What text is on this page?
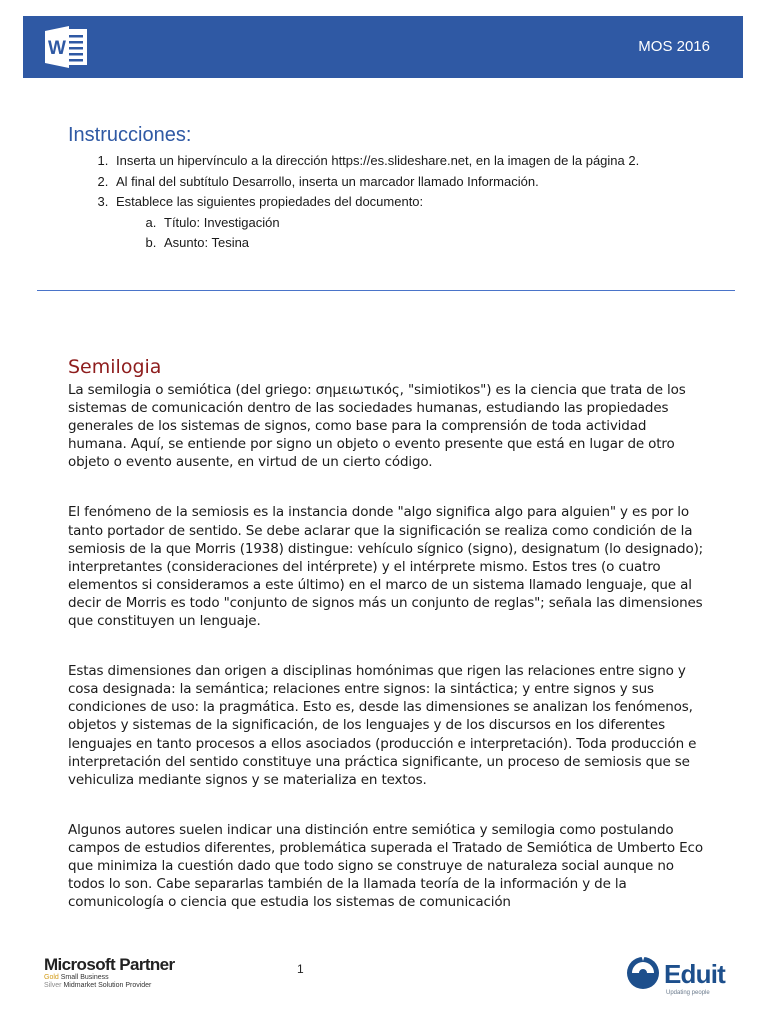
W	MOS 2016
Instrucciones:
1. Inserta un hipervínculo a la dirección https://es.slideshare.net, en la imagen de la página 2.
2. Al final del subtítulo Desarrollo, inserta un marcador llamado Información.
3. Establece las siguientes propiedades del documento:
a. Título: Investigación
b. Asunto: Tesina
Semilogia

La semilogia o semiótica (del griego: σημειωτικός, "simiotikos") es la ciencia que trata de los sistemas de comunicación dentro de las sociedades humanas, estudiando las propiedades generales de los sistemas de signos, como base para la comprensión de toda actividad humana. Aquí, se entiende por signo un objeto o evento presente que está en lugar de otro objeto o evento ausente, en virtud de un cierto código.

El fenómeno de la semiosis es la instancia donde "algo significa algo para alguien" y es por lo tanto portador de sentido. Se debe aclarar que la significación se realiza como condición de la semiosis de la que Morris (1938) distingue: vehículo sígnico (signo), designatum (lo designado); interpretantes (consideraciones del intérprete) y el intérprete mismo. Estos tres (o cuatro elementos si consideramos a este último) en el marco de un sistema llamado lenguaje, que al decir de Morris es todo "conjunto de signos más un conjunto de reglas"; señala las dimensiones que constituyen un lenguaje.

Estas dimensiones dan origen a disciplinas homónimas que rigen las relaciones entre signo y cosa designada: la semántica; relaciones entre signos: la sintáctica; y entre signos y sus condiciones de uso: la pragmática. Esto es, desde las dimensiones se analizan los fenómenos, objetos y sistemas de la significación, de los lenguajes y de los discursos en los diferentes lenguajes en tanto procesos a ellos asociados (producción e interpretación). Toda producción e interpretación del sentido constituye una práctica significante, un proceso de semiosis que se vehiculiza mediante signos y se materializa en textos.

Algunos autores suelen indicar una distinción entre semiótica y semilogia como postulando campos de estudios diferentes, problemática superada el Tratado de Semiótica de Umberto Eco que minimiza la cuestión dado que todo signo se construye de naturaleza social aunque no todos lo son. Cabe separarlas también de la llamada teoría de la información y de la comunicología o ciencia que estudia los sistemas de comunicación

Microsoft Partner
Gold Small Business
Silver Midmarket Solution Provider
1	Eduit
Updating people
